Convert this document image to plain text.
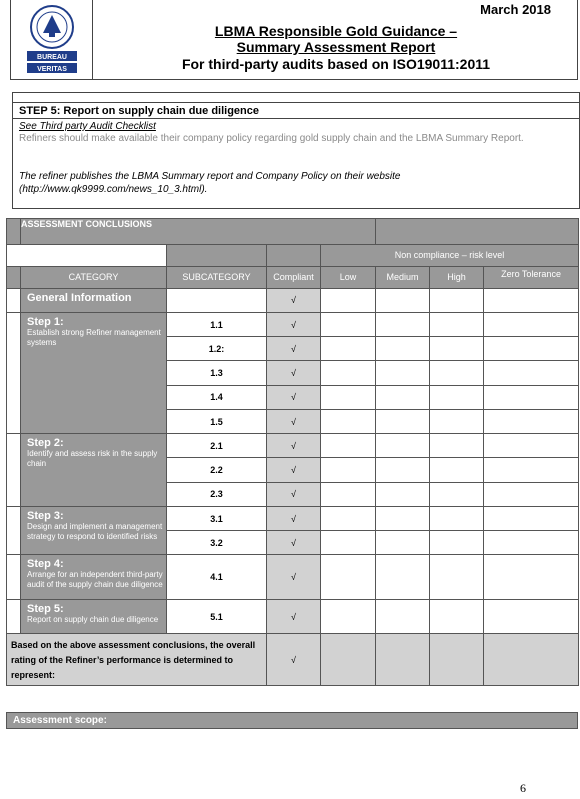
BUREAU
VERITAS
March 2018
LBMA Responsible Gold Guidance –
Summary Assessment Report
For third-party audits based on ISO19011:2011
STEP 5: Report on supply chain due diligence
See Third party Audit Checklist
Refiners should make available their company policy regarding gold supply chain and the LBMA Summary Report.
The refiner publishes the LBMA Summary report and Company Policy on their website (http://www.qk9999.com/news_10_3.html).
	ASSESSMENT CONCLUSIONS						
				Non compliance – risk level			
	CATEGORY	SUBCATEGORY	Compliant	Low	Medium	High	Zero Tolerance

	General Information		√				

	Step 1:
Establish strong Refiner management systems	1.1	√				
		1.2:	√				
		1.3	√				
		1.4	√				
		1.5	√				

	Step 2:
Identify and assess risk in the supply chain	2.1	√				
		2.2	√				
		2.3	√				

	Step 3:
Design and implement a management strategy to respond to identified risks	3.1	√				
		3.2	√				

	Step 4:
Arrange for an independent third-party audit of the supply chain due diligence	4.1	√				

	Step 5:
Report on supply chain due diligence	5.1	√				
Based on the above assessment conclusions, the overall rating of the Refiner’s performance is determined to represent:			√				
Assessment scope:
6
